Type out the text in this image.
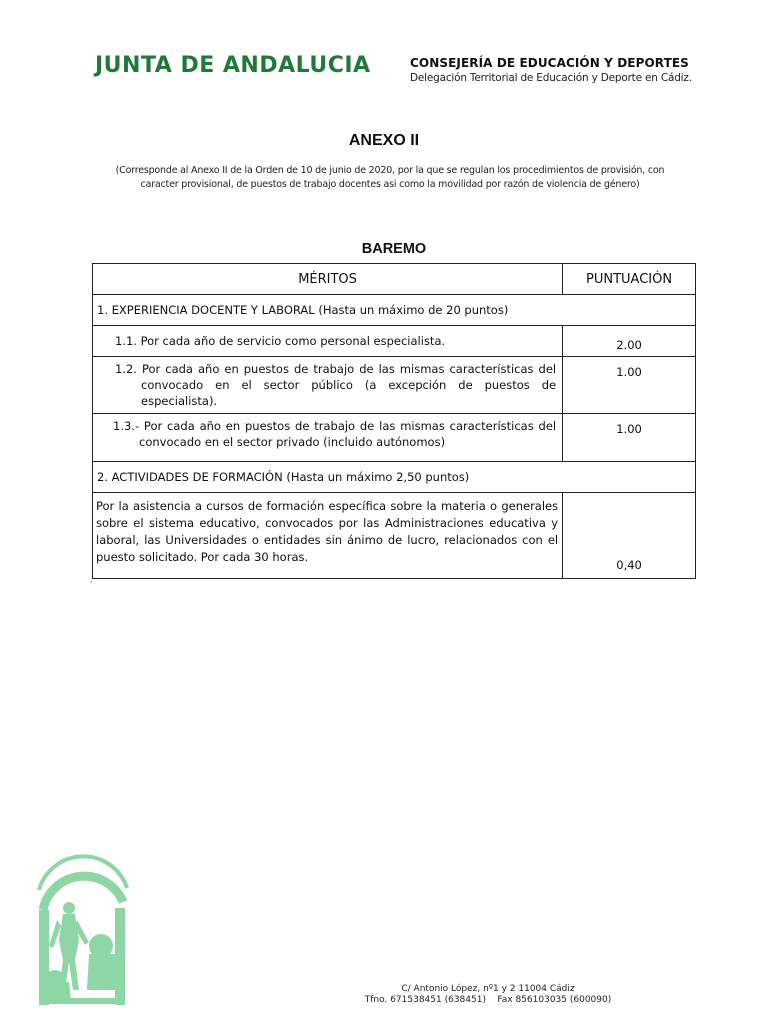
JUNTA DE ANDALUCIA	CONSEJERÍA DE EDUCACIÓN Y DEPORTES
Delegación Territorial de Educación y Deporte en Cádiz.
ANEXO II
(Corresponde al Anexo II de la Orden de 10 de junio de 2020, por la que se regulan los procedimientos de provisión, con caracter provisional, de puestos de trabajo docentes asi como la movilidad por razón de violencia de género)
BAREMO
MÉRITOS	PUNTUACIÓN
1. EXPERIENCIA DOCENTE Y LABORAL (Hasta un máximo de 20 puntos)	

1.1. Por cada año de servicio como personal especialista.	2.00

1.2. Por cada año en puestos de trabajo de las mismas características del convocado en el sector público (a excepción de puestos de especialista).	1.00

1.3.- Por cada año en puestos de trabajo de las mismas características del convocado en el sector privado (incluido autónomos)	1.00
2. ACTIVIDADES DE FORMACIÓN (Hasta un máximo 2,50 puntos)	
Por la asistencia a cursos de formación específica sobre la materia o generales sobre el sistema educativo, convocados por las Administraciones educativa y laboral, las Universidades o entidades sin ánimo de lucro, relacionados con el puesto solicitado. Por cada 30 horas.	0,40
,
C/ Antonio López, nº1 y 2 11004 Cádiz
Tfno. 671538451 (638451)    Fax 856103035 (600090)
